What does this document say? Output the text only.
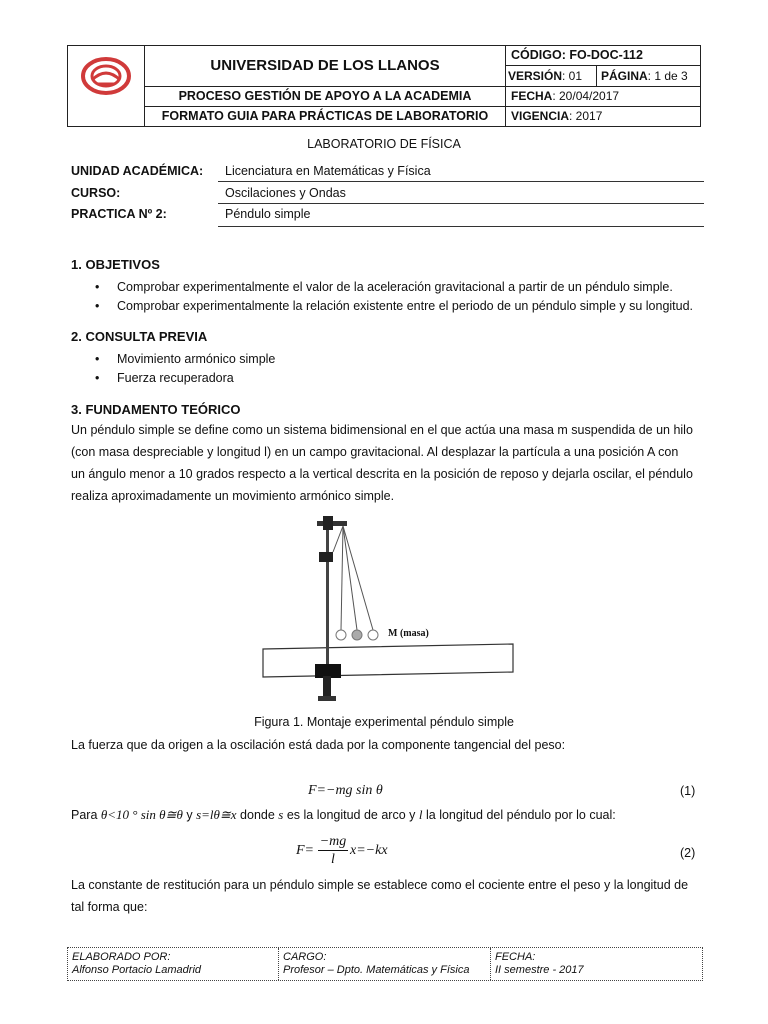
UNIVERSIDAD DE LOS LLANOS
PROCESO GESTIÓN DE APOYO A LA ACADEMIA
FORMATO GUIA PARA PRÁCTICAS DE LABORATORIO
CÓDIGO: FO-DOC-112
VERSIÓN: 01	PÁGINA: 1 de 3
FECHA: 20/04/2017
VIGENCIA: 2017
LABORATORIO DE FÍSICA
UNIDAD ACADÉMICA: Licenciatura en Matemáticas y Física
CURSO:	Oscilaciones y Ondas
PRACTICA Nº 2:	Péndulo simple
1. OBJETIVOS
• Comprobar experimentalmente el valor de la aceleración gravitacional a partir de un péndulo simple.
• Comprobar experimentalmente la relación existente entre el periodo de un péndulo simple y su longitud.
2. CONSULTA PREVIA
• Movimiento armónico simple
• Fuerza recuperadora
3. FUNDAMENTO TEÓRICO
Un péndulo simple se define como un sistema bidimensional en el que actúa una masa m suspendida de un hilo
(con masa despreciable y longitud l) en un campo gravitacional. Al desplazar la partícula a una posición A con
un ángulo menor a 10 grados respecto a la vertical descrita en la posición de reposo y dejarla oscilar, el péndulo
realiza aproximadamente un movimiento armónico simple.
M (masa)
Figura 1. Montaje experimental péndulo simple
La fuerza que da origen a la oscilación está dada por la componente tangencial del peso:
F=−mg sin θ	(1)
Para θ<10 ° sin θ≅θ y s=lθ≅x donde s es la longitud de arco y l la longitud del péndulo por lo cual:
F=
−mg
l
x=−kx	(2)
La constante de restitución para un péndulo simple se establece como el cociente entre el peso y la longitud de
tal forma que:
ELABORADO POR:
Alfonso Portacio Lamadrid
CARGO:
Profesor – Dpto. Matemáticas y Física
FECHA:
II semestre - 2017
